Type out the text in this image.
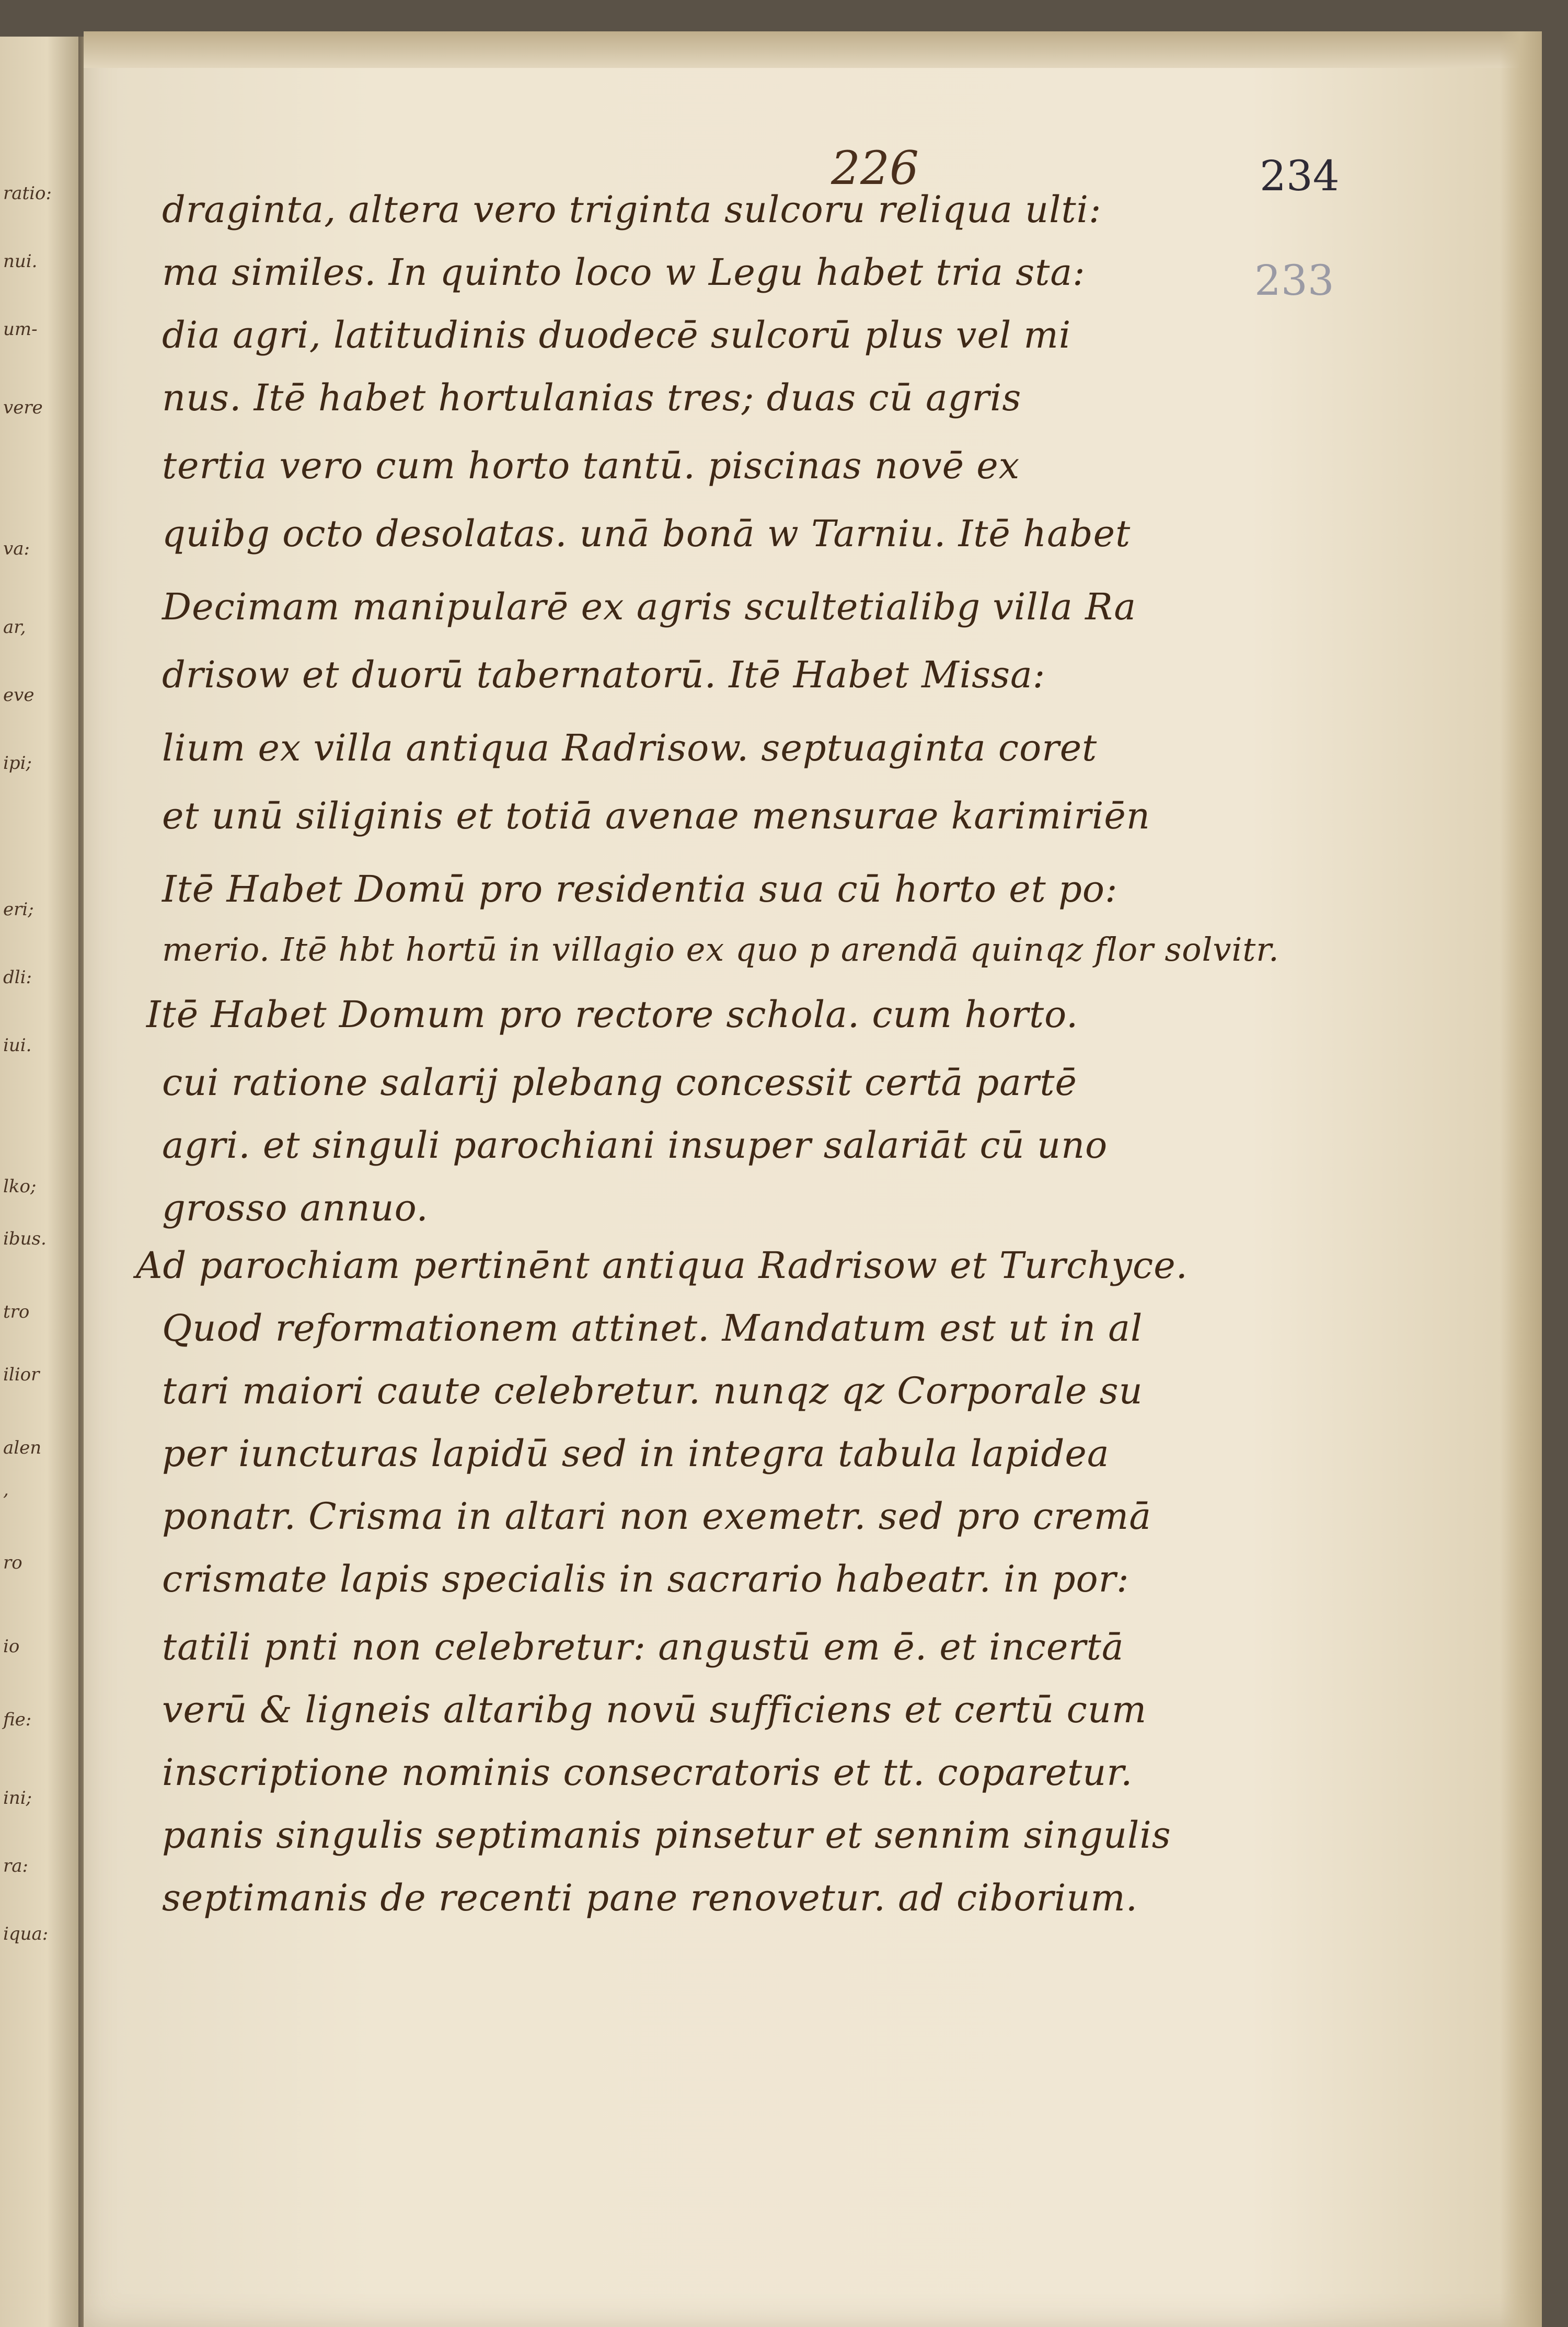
ratio:
nui.
um-
vere
va:
ar,
eve
ipi;
eri;
dli:
iui.
lko;
ibus.
tro
ilior
alen
,
ro
io
fie:
ini;
ra:
iqua:
226	234
233
draginta, altera vero triginta sulcoru reliqua ulti:
ma similes. In quinto loco w Legu habet tria sta:
dia agri, latitudinis duodecē sulcorū plus vel mi
nus. Itē habet hortulanias tres; duas cū agris
tertia vero cum horto tantū. piscinas novē ex
quibg octo desolatas. unā bonā w Tarniu. Itē habet
Decimam manipularē ex agris scultetialibg villa Ra
drisow et duorū tabernatorū. Itē Habet Missa:
lium ex villa antiqua Radrisow. septuaginta coret
et unū siliginis et totiā avenae mensurae karimiriēn
Itē Habet Domū pro residentia sua cū horto et po:
merio. Itē hbt hortū in villagio ex quo p arendā quinqz flor solvitr.
Itē Habet Domum pro rectore schola. cum horto.
cui ratione salarij plebang concessit certā partē
agri. et singuli parochiani insuper salariāt cū uno
grosso annuo.
Ad parochiam pertinēnt antiqua Radrisow et Turchyce.
Quod reformationem attinet. Mandatum est ut in al
tari maiori caute celebretur. nunqz qz Corporale su
per iuncturas lapidū sed in integra tabula lapidea
ponatr. Crisma in altari non exemetr. sed pro cremā
crismate lapis specialis in sacrario habeatr. in por:
tatili pnti non celebretur: angustū em ē. et incertā
verū & ligneis altaribg novū sufficiens et certū cum
inscriptione nominis consecratoris et tt. coparetur.
panis singulis septimanis pinsetur et sennim singulis
septimanis de recenti pane renovetur. ad ciborium.
